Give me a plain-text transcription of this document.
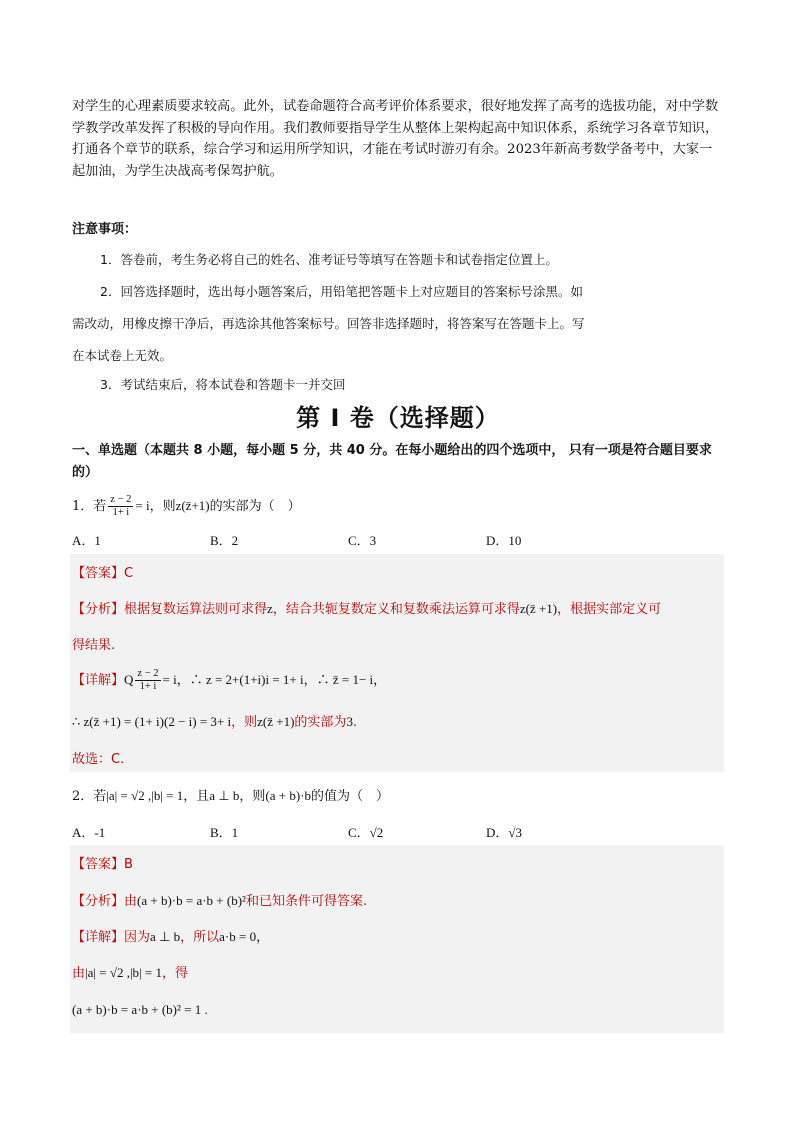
对学生的心理素质要求较高。此外，试卷命题符合高考评价体系要求，很好地发挥了高考的选拔功能，对中学数学教学改革发挥了积极的导向作用。我们教师要指导学生从整体上架构起高中知识体系，系统学习各章节知识，打通各个章节的联系，综合学习和运用所学知识，才能在考试时游刃有余。2023年新高考数学备考中，大家一起加油，为学生决战高考保驾护航。
注意事项：
1．答卷前，考生务必将自己的姓名、准考证号等填写在答题卡和试卷指定位置上。
2．回答选择题时，选出每小题答案后，用铅笔把答题卡上对应题目的答案标号涂黑。如
需改动，用橡皮擦干净后，再选涂其他答案标号。回答非选择题时，将答案写在答题卡上。写
在本试卷上无效。
3．考试结束后，将本试卷和答题卡一并交回
第 I 卷（选择题）
一、单选题（本题共 8 小题，每小题 5 分，共 40 分。在每小题给出的四个选项中， 只有一项是符合题目要求的）
1．若 $\frac{z - 2}{1+ i} = i$，则z(z̄+1)的实部为（　）
A．1	B．2	C．3	D．10
【答案】C
【分析】根据复数运算法则可求得z，结合共轭复数定义和复数乘法运算可求得z(z̄ +1)，根据实部定义可
得结果.
【详解】Q $\frac{z - 2}{1+ i} = i$，∴ z = 2+(1+i)i = 1+ i，∴ z̄ = 1− i，
∴ z(z̄ +1) = (1+ i)(2 − i) = 3+ i，则z(z̄ +1)的实部为3.
故选：C.
2．若|a| = √2 ,|b| = 1，且a ⊥ b，则(a + b)·b的值为（　）
A．-1	B．1	C．√2	D．√3
【答案】B
【分析】由(a + b)·b = a·b + (b)²和已知条件可得答案.
【详解】因为a ⊥ b，所以a·b = 0，
由|a| = √2 ,|b| = 1，得
(a + b)·b = a·b + (b)² = 1 .
